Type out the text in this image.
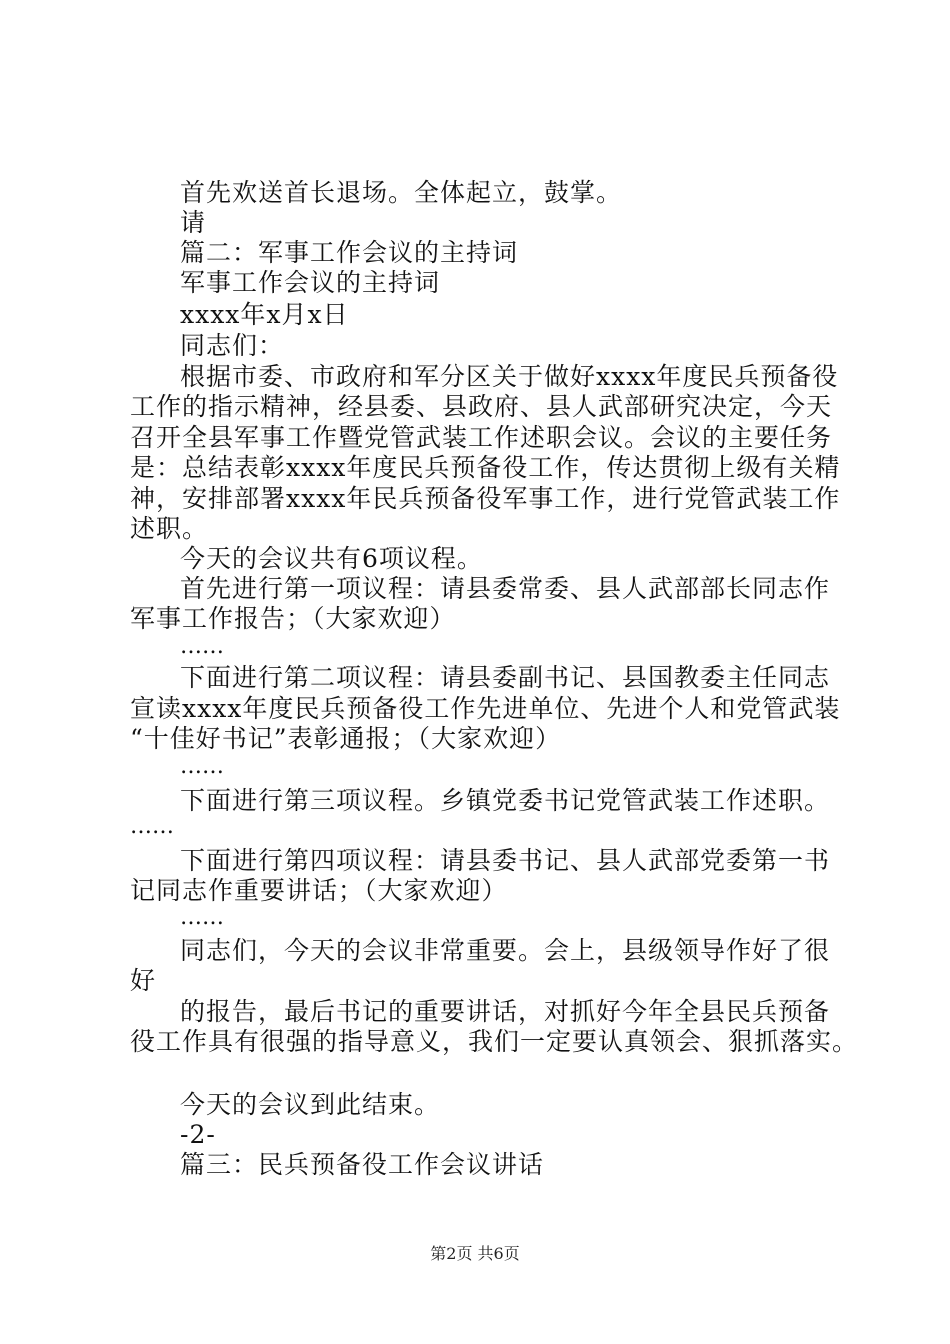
首先欢送首长退场。全体起立，鼓掌。
请
篇二：军事工作会议的主持词
军事工作会议的主持词
xxxx年x月x日
同志们：
根据市委、市政府和军分区关于做好xxxx年度民兵预备役
工作的指示精神，经县委、县政府、县人武部研究决定，今天
召开全县军事工作暨党管武装工作述职会议。会议的主要任务
是：总结表彰xxxx年度民兵预备役工作，传达贯彻上级有关精
神，安排部署xxxx年民兵预备役军事工作，进行党管武装工作
述职。
今天的会议共有6项议程。
首先进行第一项议程：请县委常委、县人武部部长同志作
军事工作报告；（大家欢迎）
……
下面进行第二项议程：请县委副书记、县国教委主任同志
宣读xxxx年度民兵预备役工作先进单位、先进个人和党管武装
“十佳好书记”表彰通报；（大家欢迎）
……
下面进行第三项议程。乡镇党委书记党管武装工作述职。
……
下面进行第四项议程：请县委书记、县人武部党委第一书
记同志作重要讲话；（大家欢迎）
……
同志们，今天的会议非常重要。会上，县级领导作好了很
好
的报告，最后书记的重要讲话，对抓好今年全县民兵预备
役工作具有很强的指导意义，我们一定要认真领会、狠抓落实。
今天的会议到此结束。
-2-
篇三：民兵预备役工作会议讲话
第2页 共6页
